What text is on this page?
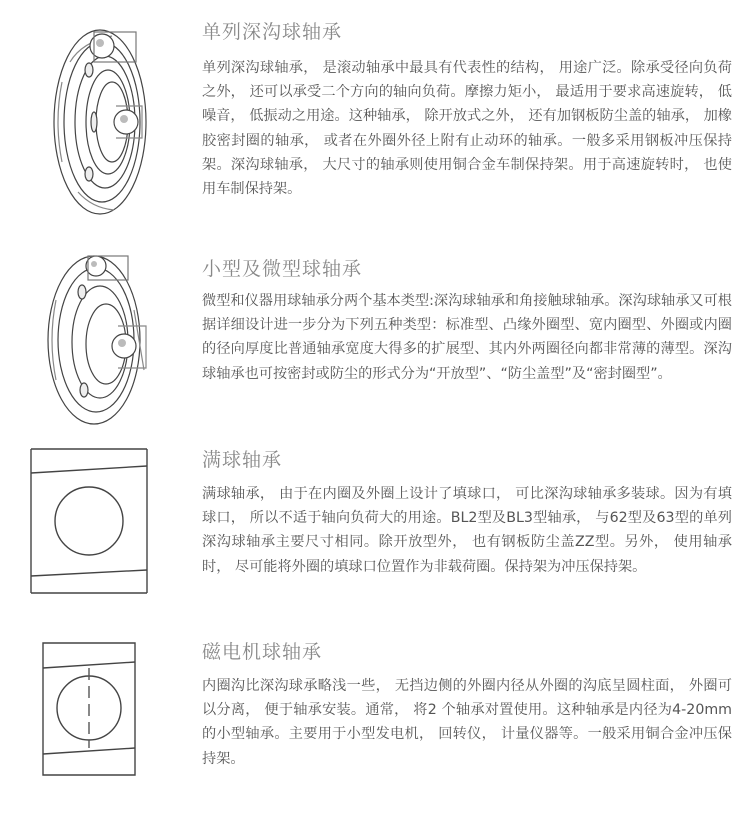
单列深沟球轴承
单列深沟球轴承， 是滚动轴承中最具有代表性的结构， 用途广泛。除承受径向负荷之外， 还可以承受二个方向的轴向负荷。摩擦力矩小， 最适用于要求高速旋转， 低噪音， 低振动之用途。这种轴承， 除开放式之外， 还有加钢板防尘盖的轴承， 加橡胶密封圈的轴承， 或者在外圈外径上附有止动环的轴承。一般多采用钢板冲压保持架。深沟球轴承， 大尺寸的轴承则使用铜合金车制保持架。用于高速旋转时， 也使用车制保持架。
小型及微型球轴承
微型和仪器用球轴承分两个基本类型:深沟球轴承和角接触球轴承。深沟球轴承又可根据详细设计进一步分为下列五种类型：标准型、凸缘外圈型、宽内圈型、外圈或内圈的径向厚度比普通轴承宽度大得多的扩展型、其内外两圈径向都非常薄的薄型。深沟球轴承也可按密封或防尘的形式分为“开放型”、“防尘盖型”及“密封圈型”。
满球轴承
满球轴承， 由于在内圈及外圈上设计了填球口， 可比深沟球轴承多装球。因为有填球口， 所以不适于轴向负荷大的用途。BL2型及BL3型轴承， 与62型及63型的单列深沟球轴承主要尺寸相同。除开放型外， 也有钢板防尘盖ZZ型。另外， 使用轴承时， 尽可能将外圈的填球口位置作为非载荷圈。保持架为冲压保持架。
磁电机球轴承
内圈沟比深沟球承略浅一些， 无挡边侧的外圈内径从外圈的沟底呈圆柱面， 外圈可以分离， 便于轴承安装。通常， 将2 个轴承对置使用。这种轴承是内径为4-20mm的小型轴承。主要用于小型发电机， 回转仪， 计量仪器等。一般采用铜合金冲压保持架。
